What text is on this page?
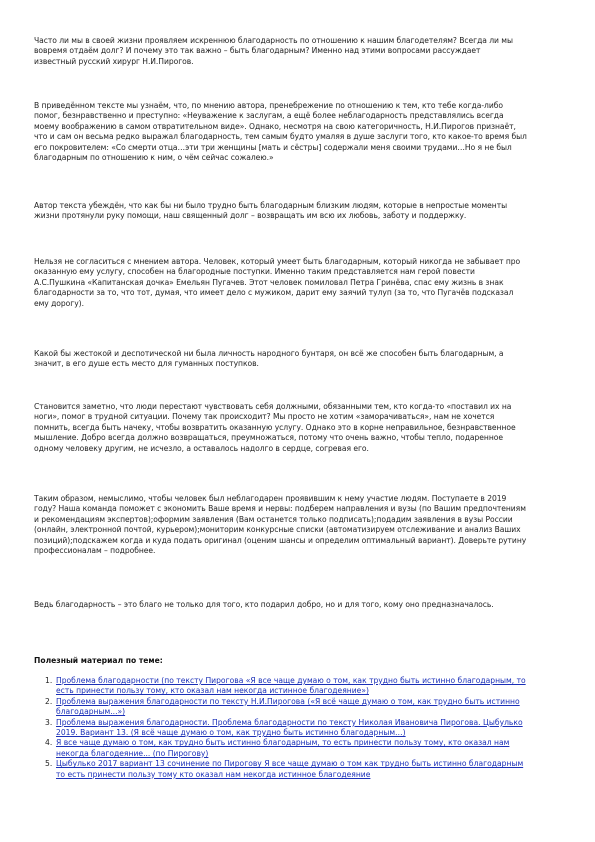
Часто ли мы в своей жизни проявляем искреннюю благодарность по отношению к нашим благодетелям? Всегда ли мы
вовремя отдаём долг? И почему это так важно – быть благодарным? Именно над этими вопросами рассуждает
известный русский хирург Н.И.Пирогов.

В приведённом тексте мы узнаём, что, по мнению автора, пренебрежение по отношению к тем, кто тебе когда-либо
помог, безнравственно и преступно: «Неуважение к заслугам, а ещё более неблагодарность представлялись всегда
моему воображению в самом отвратительном виде». Однако, несмотря на свою категоричность, Н.И.Пирогов признаёт,
что и сам он весьма редко выражал благодарность, тем самым будто умаляя в душе заслуги того, кто какое-то время был
его покровителем: «Со смерти отца…эти три женщины [мать и сёстры] содержали меня своими трудами…Но я не был
благодарным по отношению к ним, о чём сейчас сожалею.»

Автор текста убеждён, что как бы ни было трудно быть благодарным близким людям, которые в непростые моменты
жизни протянули руку помощи, наш священный долг – возвращать им всю их любовь, заботу и поддержку.

Нельзя не согласиться с мнением автора. Человек, который умеет быть благодарным, который никогда не забывает про
оказанную ему услугу, способен на благородные поступки. Именно таким представляется нам герой повести
А.С.Пушкина «Капитанская дочка» Емельян Пугачев. Этот человек помиловал Петра Гринёва, спас ему жизнь в знак
благодарности за то, что тот, думая, что имеет дело с мужиком, дарит ему заячий тулуп (за то, что Пугачёв подсказал
ему дорогу).

Какой бы жестокой и деспотической ни была личность народного бунтаря, он всё же способен быть благодарным, а
значит, в его душе есть место для гуманных поступков.

Становится заметно, что люди перестают чувствовать себя должными, обязанными тем, кто когда-то «поставил их на
ноги», помог в трудной ситуации. Почему так происходит? Мы просто не хотим «заморачиваться», нам не хочется
помнить, всегда быть начеку, чтобы возвратить оказанную услугу. Однако это в корне неправильное, безнравственное
мышление. Добро всегда должно возвращаться, преумножаться, потому что очень важно, чтобы тепло, подаренное
одному человеку другим, не исчезло, а оставалось надолго в сердце, согревая его.

Таким образом, немыслимо, чтобы человек был неблагодарен проявившим к нему участие людям. Поступаете в 2019
году? Наша команда поможет с экономить Ваше время и нервы: подберем направления и вузы (по Вашим предпочтениям
и рекомендациям экспертов);оформим заявления (Вам останется только подписать);подадим заявления в вузы России
(онлайн, электронной почтой, курьером);мониторим конкурсные списки (автоматизируем отслеживание и анализ Ваших
позиций);подскажем когда и куда подать оригинал (оценим шансы и определим оптимальный вариант). Доверьте рутину
профессионалам – подробнее.

Ведь благодарность – это благо не только для того, кто подарил добро, но и для того, кому оно предназначалось.

Полезный материал по теме:

1. Проблема благодарности (по тексту Пирогова «Я все чаще думаю о том, как трудно быть истинно благодарным, то
есть принести пользу тому, кто оказал нам некогда истинное благодеяние»)
2. Проблема выражения благодарности по тексту Н.И.Пирогова («Я всё чаще думаю о том, как трудно быть истинно
благодарным...»)
3. Проблема выражения благодарности. Проблема благодарности по тексту Николая Ивановича Пирогова. Цыбулько
2019. Вариант 13. (Я всё чаще думаю о том, как трудно быть истинно благодарным…)
4. Я все чаще думаю о том, как трудно быть истинно благодарным, то есть принести пользу тому, кто оказал нам
некогда благодеяние... (по Пирогову)
5. Цыбулько 2017 вариант 13 сочинение по Пирогову Я все чаще думаю о том как трудно быть истинно благодарным
то есть принести пользу тому кто оказал нам некогда истинное благодеяние
